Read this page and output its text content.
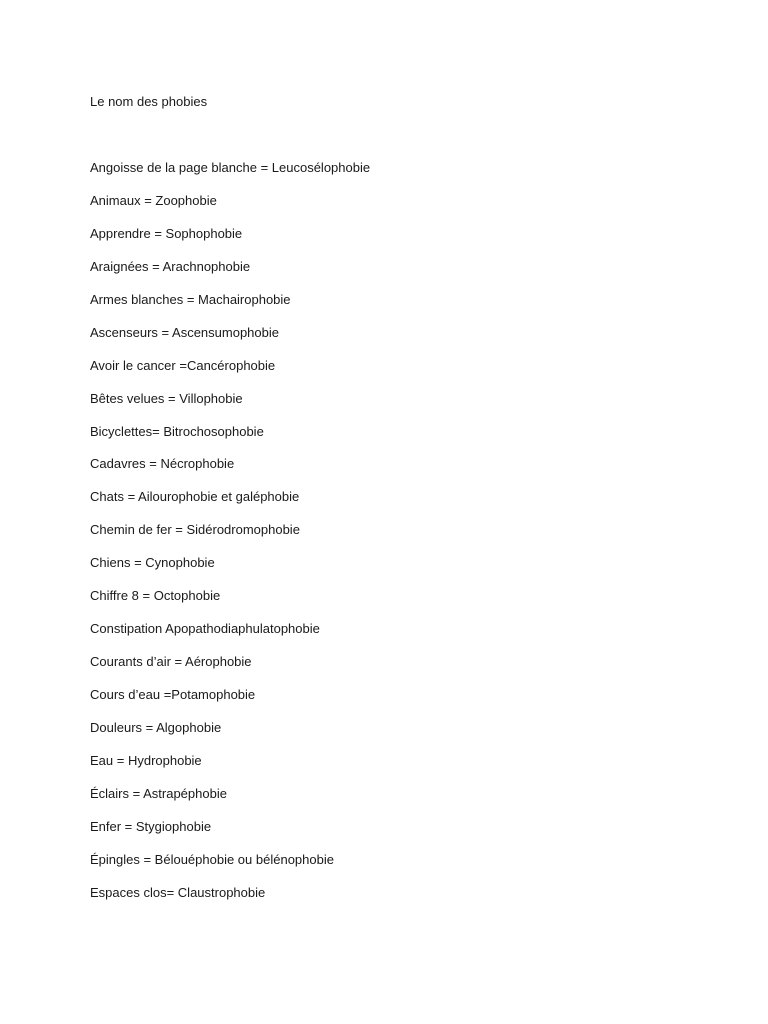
Le nom des phobies
Angoisse de la page blanche = Leucosélophobie
Animaux = Zoophobie
Apprendre = Sophophobie
Araignées = Arachnophobie
Armes blanches = Machairophobie
Ascenseurs = Ascensumophobie
Avoir le cancer =Cancérophobie
Bêtes velues = Villophobie
Bicyclettes= Bitrochosophobie
Cadavres = Nécrophobie
Chats = Ailourophobie et galéphobie
Chemin de fer = Sidérodromophobie
Chiens = Cynophobie
Chiffre 8 = Octophobie
Constipation Apopathodiaphulatophobie
Courants d’air = Aérophobie
Cours d’eau =Potamophobie
Douleurs = Algophobie
Eau = Hydrophobie
Éclairs = Astrapéphobie
Enfer = Stygiophobie
Épingles = Bélouéphobie ou bélénophobie
Espaces clos= Claustrophobie
